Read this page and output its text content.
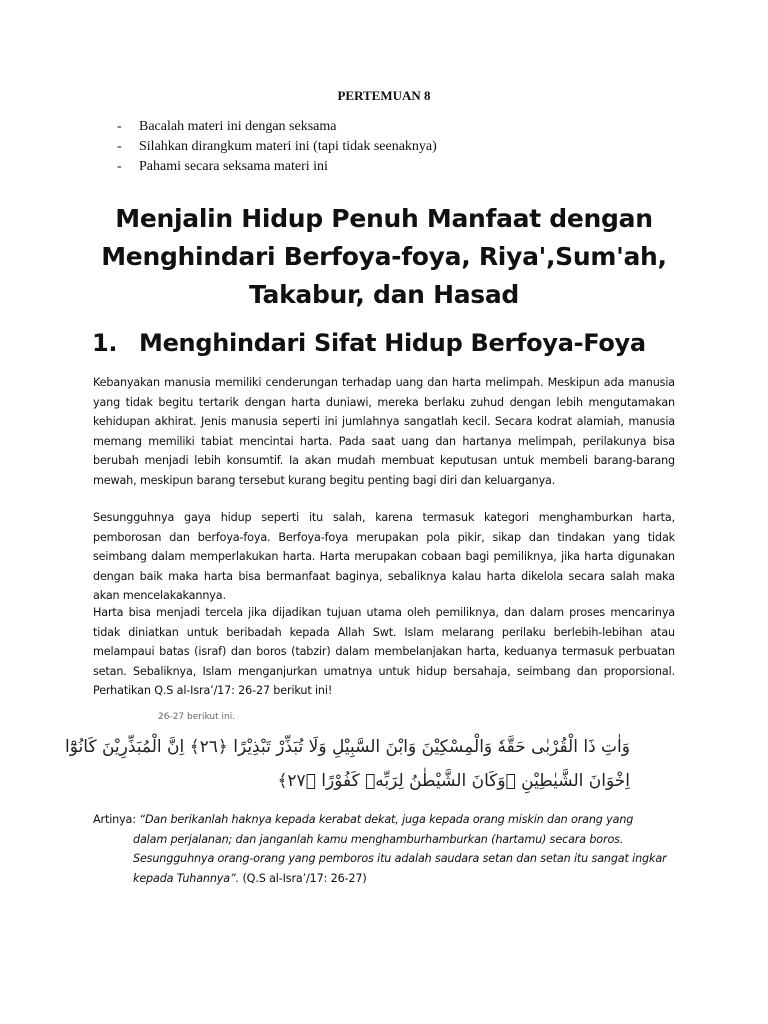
PERTEMUAN 8
- Bacalah materi ini dengan seksama
- Silahkan dirangkum materi ini (tapi tidak seenaknya)
- Pahami secara seksama materi ini
Menjalin Hidup Penuh Manfaat dengan
Menghindari Berfoya-foya, Riya',Sum'ah,
Takabur, dan Hasad
1. Menghindari Sifat Hidup Berfoya-Foya

Kebanyakan manusia memiliki cenderungan terhadap uang dan harta melimpah. Meskipun ada manusia yang tidak begitu tertarik dengan harta duniawi, mereka berlaku zuhud dengan lebih mengutamakan kehidupan akhirat. Jenis manusia seperti ini jumlahnya sangatlah kecil. Secara kodrat alamiah, manusia memang memiliki tabiat mencintai harta. Pada saat uang dan hartanya melimpah, perilakunya bisa berubah menjadi lebih konsumtif. Ia akan mudah membuat keputusan untuk membeli barang-barang mewah, meskipun barang tersebut kurang begitu penting bagi diri dan keluarganya.

Sesungguhnya gaya hidup seperti itu salah, karena termasuk kategori menghamburkan harta, pemborosan dan berfoya-foya. Berfoya-foya merupakan pola pikir, sikap dan tindakan yang tidak seimbang dalam memperlakukan harta. Harta merupakan cobaan bagi pemiliknya, jika harta digunakan dengan baik maka harta bisa bermanfaat baginya, sebaliknya kalau harta dikelola secara salah maka akan mencelakakannya.

Harta bisa menjadi tercela jika dijadikan tujuan utama oleh pemiliknya, dan dalam proses mencarinya tidak diniatkan untuk beribadah kepada Allah Swt. Islam melarang perilaku berlebih-lebihan atau melampaui batas (israf) dan boros (tabzir) dalam membelanjakan harta, keduanya termasuk perbuatan setan. Sebaliknya, Islam menganjurkan umatnya untuk hidup bersahaja, seimbang dan proporsional. Perhatikan Q.S al-Isra’/17: 26-27 berikut ini!

26-27 berikut ini.
وَاٰتِ ذَا الْقُرْبٰى حَقَّهٗ وَالْمِسْكِيْنَ وَابْنَ السَّبِيْلِ وَلَا تُبَذِّرْ تَبْذِيْرًا ﴿٢٦﴾ اِنَّ الْمُبَذِّرِيْنَ كَانُوْٓا
اِخْوَانَ الشَّيٰطِيْنِ ۗوَكَانَ الشَّيْطٰنُ لِرَبِّهٖ كَفُوْرًا ﴿٢٧﴾
Artinya: “Dan berikanlah haknya kepada kerabat dekat, juga kepada orang miskin dan orang yang
dalam perjalanan; dan janganlah kamu menghamburhamburkan (hartamu) secara boros.
Sesungguhnya orang-orang yang pemboros itu adalah saudara setan dan setan itu sangat ingkar
kepada Tuhannya”. (Q.S al-Isra’/17: 26-27)
